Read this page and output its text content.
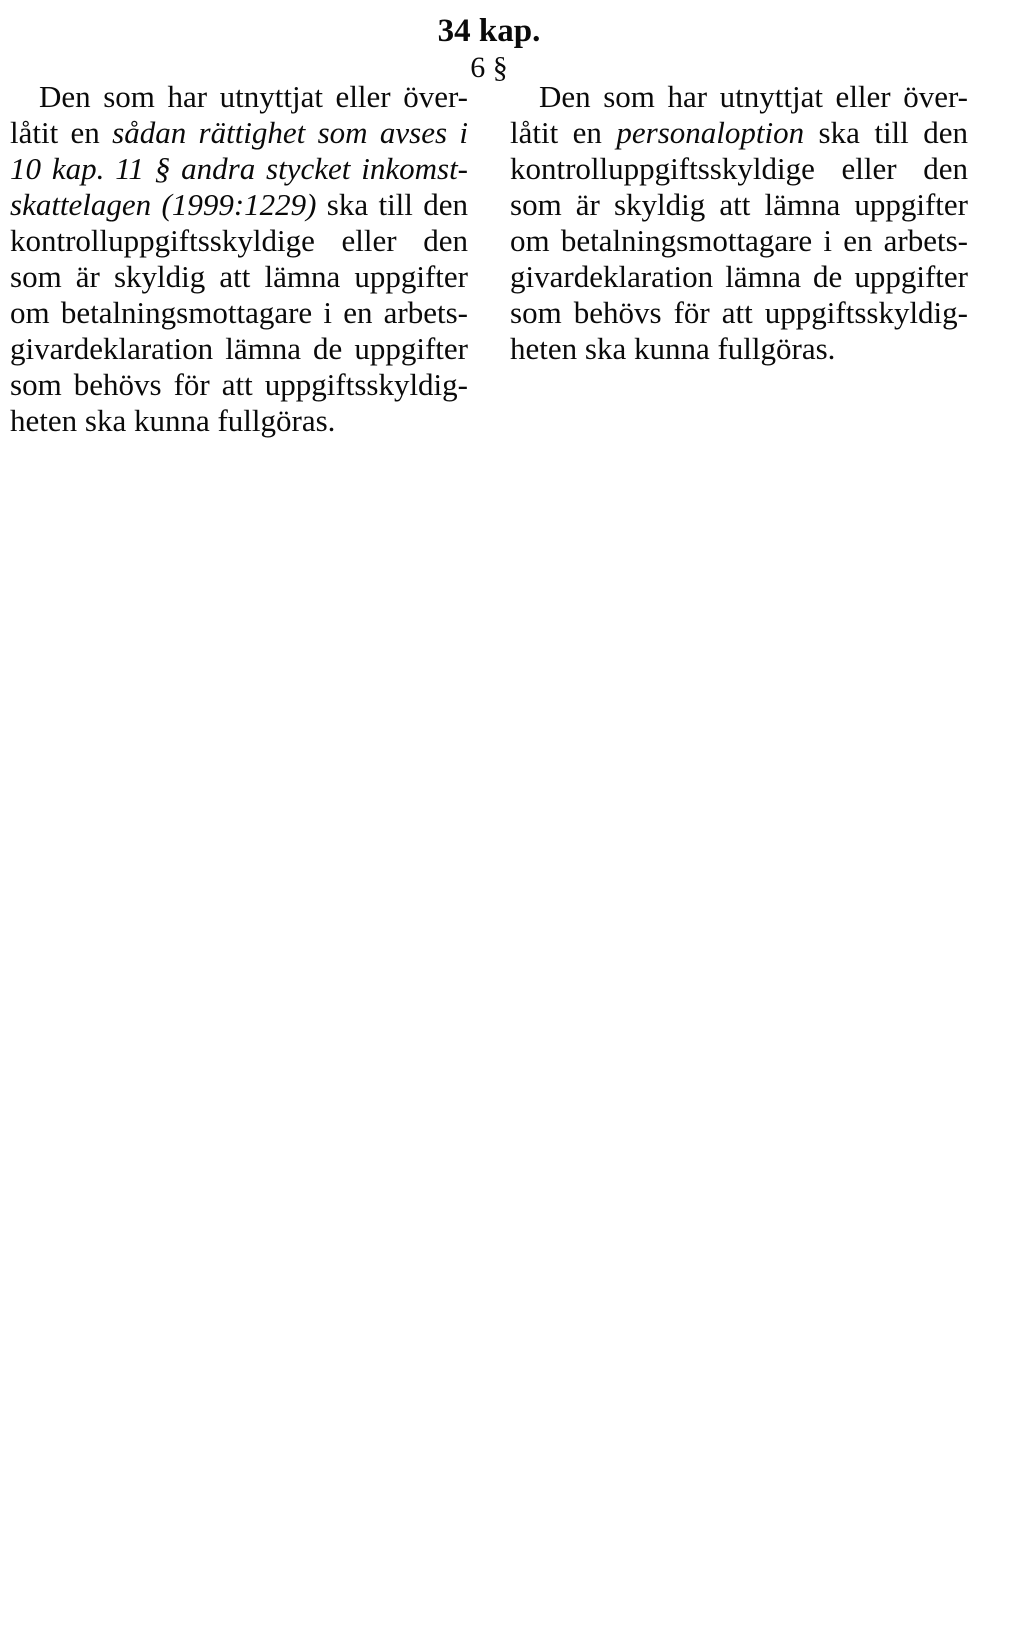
34 kap.
6 §
Den som har utnyttjat eller över-
låtit en sådan rättighet som avses i
10 kap. 11 § andra stycket inkomst-
skattelagen (1999:1229) ska till den
kontrolluppgiftsskyldige eller den
som är skyldig att lämna uppgifter
om betalningsmottagare i en arbets-
givardeklaration lämna de uppgifter
som behövs för att uppgiftsskyldig-
heten ska kunna fullgöras.
Den som har utnyttjat eller över-
låtit en personaloption ska till den
kontrolluppgiftsskyldige eller den
som är skyldig att lämna uppgifter
om betalningsmottagare i en arbets-
givardeklaration lämna de uppgifter
som behövs för att uppgiftsskyldig-
heten ska kunna fullgöras.
